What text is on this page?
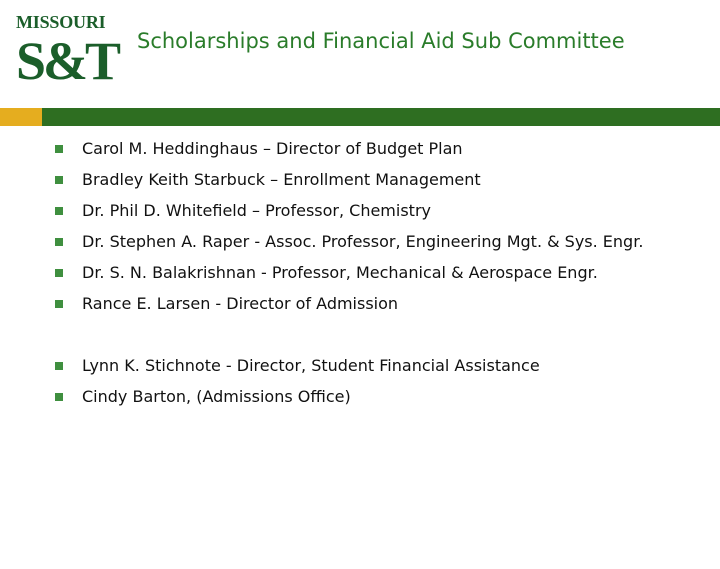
MISSOURI
S&T Scholarships and Financial Aid Sub Committee
Carol M. Heddinghaus – Director of Budget Plan
Bradley Keith Starbuck – Enrollment Management
Dr. Phil D. Whitefield – Professor, Chemistry
Dr. Stephen A. Raper - Assoc. Professor, Engineering Mgt. & Sys. Engr.
Dr. S. N. Balakrishnan - Professor, Mechanical & Aerospace Engr.
Rance E. Larsen - Director of Admission
Lynn K. Stichnote - Director, Student Financial Assistance
Cindy Barton, (Admissions Office)
